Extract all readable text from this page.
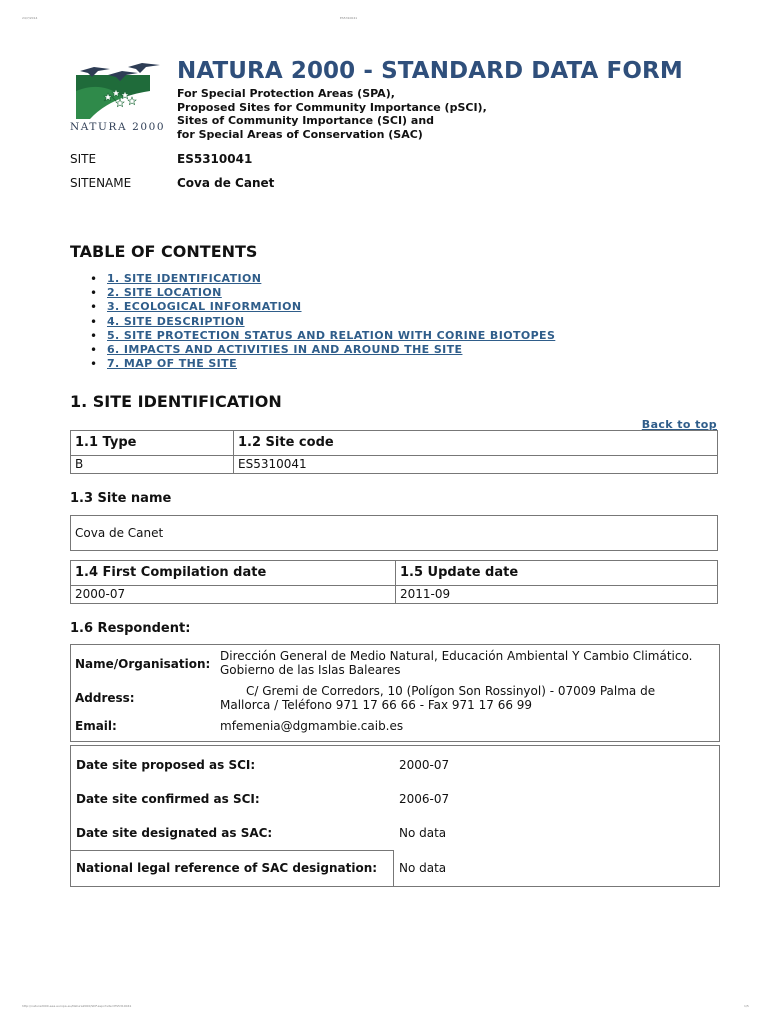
24/7/2014	ES5310041
NATURA 2000
NATURA 2000 - STANDARD DATA FORM
For Special Protection Areas (SPA),
Proposed Sites for Community Importance (pSCI),
Sites of Community Importance (SCI) and
for Special Areas of Conservation (SAC)
SITE	ES5310041
SITENAME	Cova de Canet
TABLE OF CONTENTS
• 1. SITE IDENTIFICATION
• 2. SITE LOCATION
• 3. ECOLOGICAL INFORMATION
• 4. SITE DESCRIPTION
• 5. SITE PROTECTION STATUS AND RELATION WITH CORINE BIOTOPES
• 6. IMPACTS AND ACTIVITIES IN AND AROUND THE SITE
• 7. MAP OF THE SITE
1. SITE IDENTIFICATION
Back to top
1.1 Type	1.2 Site code
B	ES5310041
1.3 Site name
Cova de Canet
1.4 First Compilation date	1.5 Update date
2000-07	2011-09
1.6 Respondent:
Name/Organisation:
Dirección General de Medio Natural, Educación Ambiental Y Cambio Climático.
Gobierno de las Islas Baleares
Address:	C/ Gremi de Corredors, 10 (Polígon Son Rossinyol) - 07009 Palma de
Mallorca / Teléfono 971 17 66 66 - Fax 971 17 66 99
Email:	mfemenia@dgmambie.caib.es
Date site proposed as SCI:	2000-07
Date site confirmed as SCI:	2006-07
Date site designated as SAC:	No data
National legal reference of SAC designation: No data
http://natura2000.eea.europa.eu/Natura2000/SDF.aspx?site=ES5310041	1/5
